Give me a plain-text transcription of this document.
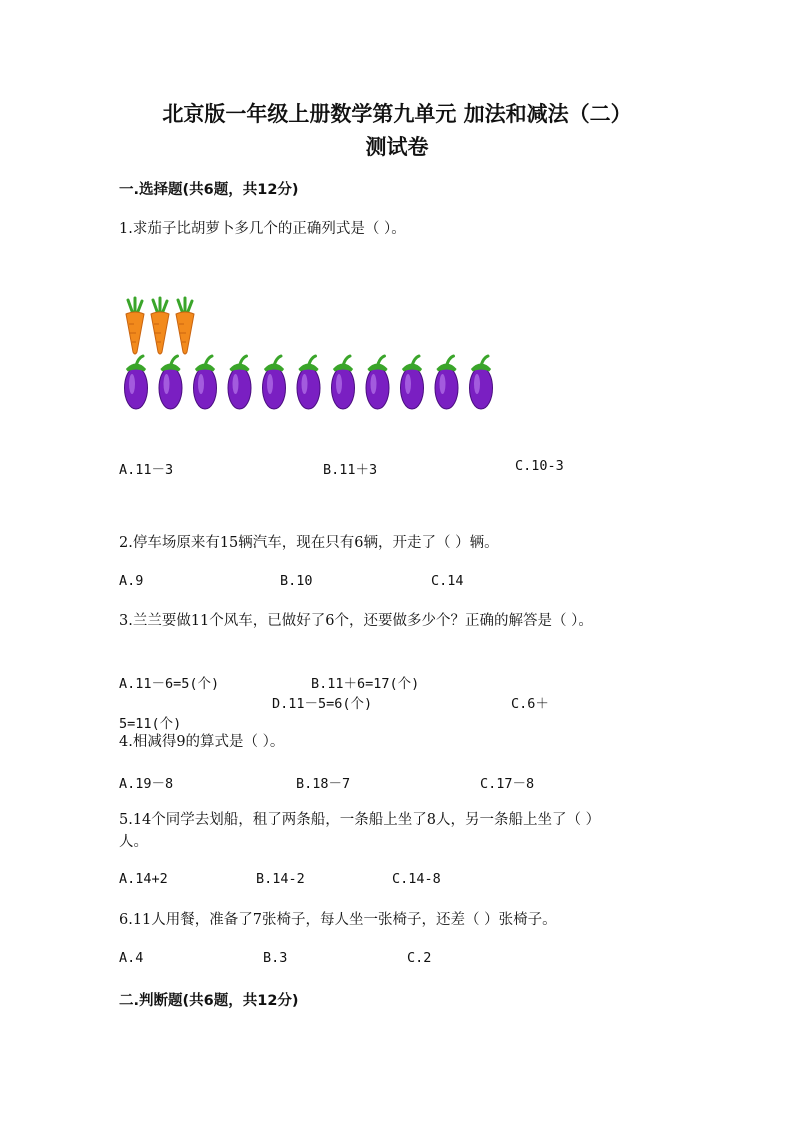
北京版一年级上册数学第九单元 加法和减法（二）
测试卷
一.选择题(共6题，共12分)
1.求茄子比胡萝卜多几个的正确列式是（ ）。
A.11－3	B.11＋3	C.10-3
2.停车场原来有15辆汽车，现在只有6辆，开走了（ ）辆。
A.9	B.10	C.14
3.兰兰要做11个风车，已做好了6个，还要做多少个？正确的解答是（ ）。
A.11－6=5(个)	B.11＋6=17(个)
C.6＋5=11(个)
D.11－5=6(个)
4.相减得9的算式是（ ）。
A.19－8	B.18－7	C.17－8
5.14个同学去划船，租了两条船，一条船上坐了8人，另一条船上坐了（ ）人。
A.14+2	B.14-2	C.14-8
6.11人用餐，准备了7张椅子，每人坐一张椅子，还差（ ）张椅子。
A.4	B.3	C.2
二.判断题(共6题，共12分)
